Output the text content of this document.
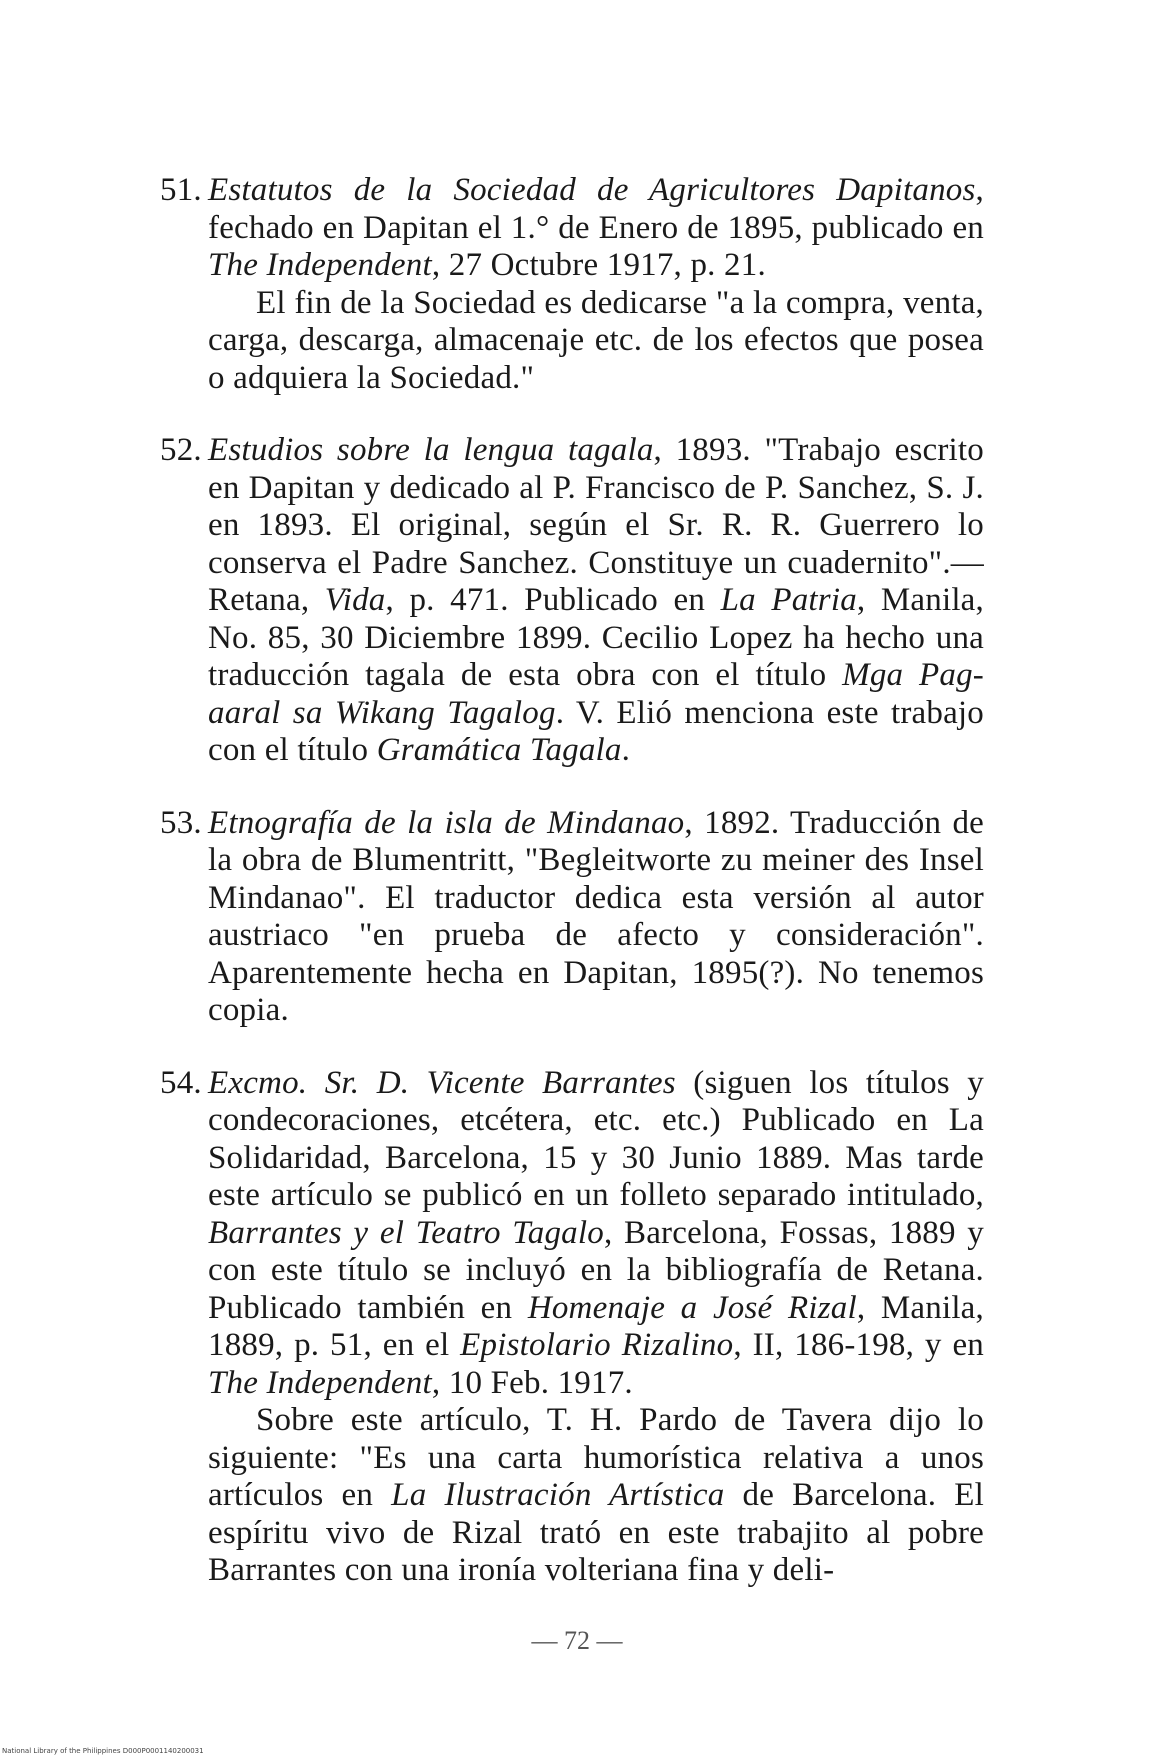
51. Estatutos de la Sociedad de Agricultores Dapitanos, fechado en Dapitan el 1.° de Enero de 1895, publicado en The Independent, 27 Octubre 1917, p. 21.

El fin de la Sociedad es dedicarse "a la compra, venta, carga, descarga, almacenaje etc. de los efectos que posea o adquiera la Sociedad."

52. Estudios sobre la lengua tagala, 1893. "Trabajo escrito en Dapitan y dedicado al P. Francisco de P. Sanchez, S. J. en 1893. El original, según el Sr. R. R. Guerrero lo conserva el Padre Sanchez. Constituye un cuadernito".—Retana, Vida, p. 471. Publicado en La Patria, Manila, No. 85, 30 Diciembre 1899. Cecilio Lopez ha hecho una traducción tagala de esta obra con el título Mga Pag-aaral sa Wikang Tagalog. V. Elió menciona este trabajo con el título Gramática Tagala.

53. Etnografía de la isla de Mindanao, 1892. Traducción de la obra de Blumentritt, "Begleitworte zu meiner des Insel Mindanao". El traductor dedica esta versión al autor austriaco "en prueba de afecto y consideración". Aparentemente hecha en Dapitan, 1895(?). No tenemos copia.

54. Excmo. Sr. D. Vicente Barrantes (siguen los títulos y condecoraciones, etcétera, etc. etc.) Publicado en La Solidaridad, Barcelona, 15 y 30 Junio 1889. Mas tarde este artículo se publicó en un folleto separado intitulado, Barrantes y el Teatro Tagalo, Barcelona, Fossas, 1889 y con este título se incluyó en la bibliografía de Retana. Publicado también en Homenaje a José Rizal, Manila, 1889, p. 51, en el Epistolario Rizalino, II, 186-198, y en The Independent, 10 Feb. 1917.

Sobre este artículo, T. H. Pardo de Tavera dijo lo siguiente: "Es una carta humorística relativa a unos artículos en La Ilustración Artística de Barcelona. El espíritu vivo de Rizal trató en este trabajito al pobre Barrantes con una ironía volteriana fina y deli-

— 72 —
National Library of the Philippines D000P0001140200031
